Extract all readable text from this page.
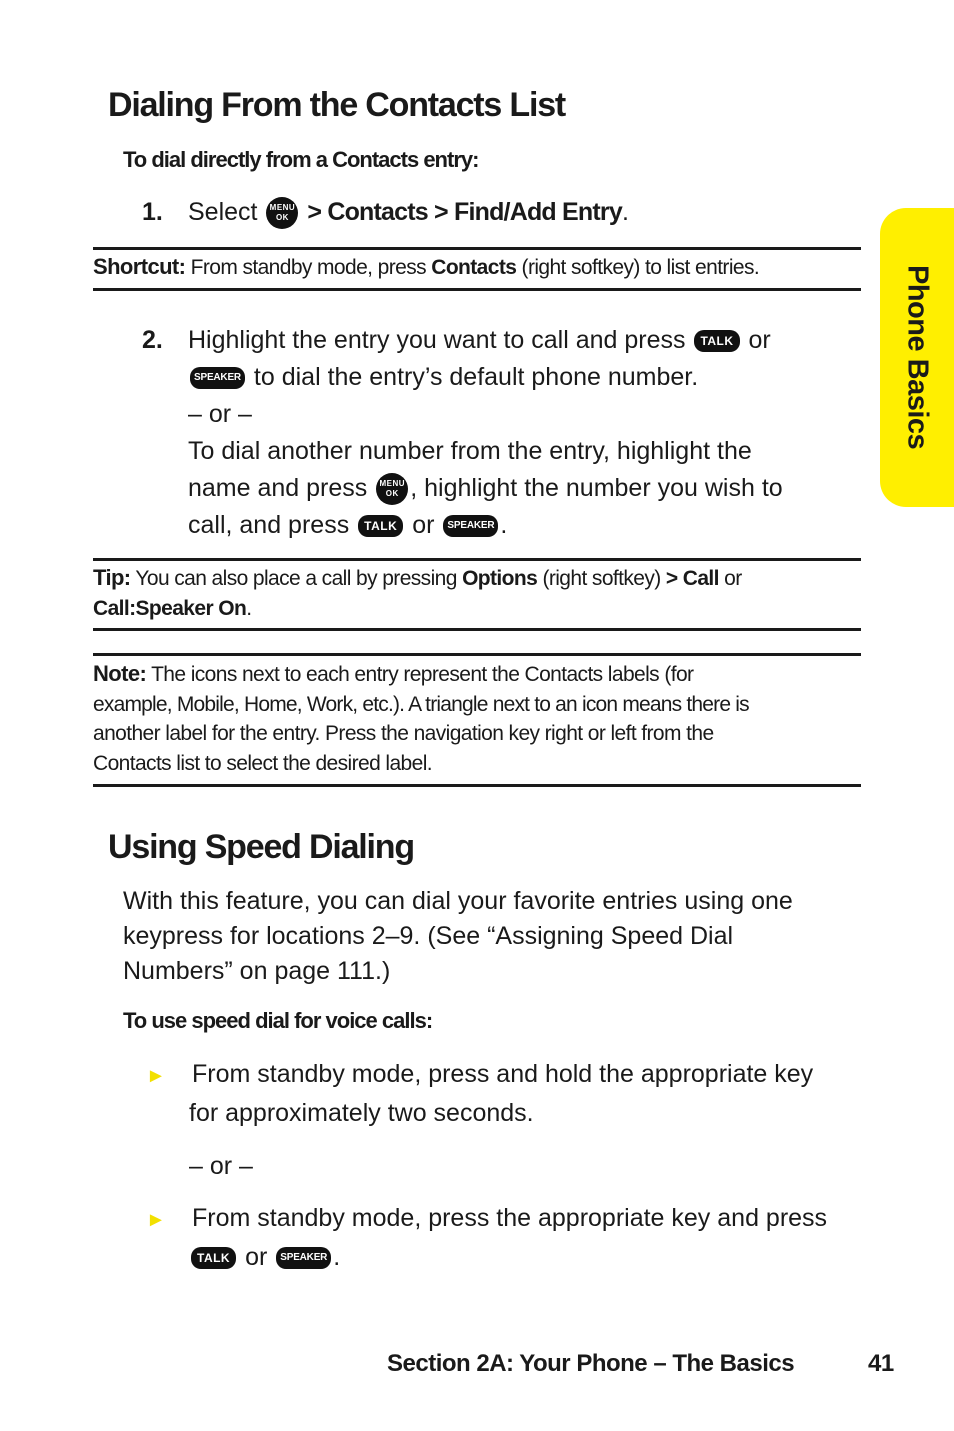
Dialing From the Contacts List
To dial directly from a Contacts entry:
1. Select MENU
OK > Contacts > Find/Add Entry.
Shortcut: From standby mode, press Contacts (right softkey) to list entries.
2. Highlight the entry you want to call and press TALK or
SPEAKER to dial the entry’s default phone number.
– or –
To dial another number from the entry, highlight the
name and press MENU
OK , highlight the number you wish to
call, and press TALK or SPEAKER .
Tip: You can also place a call by pressing Options (right softkey) > Call or
Call:Speaker On.
Note: The icons next to each entry represent the Contacts labels (for
example, Mobile, Home, Work, etc.). A triangle next to an icon means there is
another label for the entry. Press the navigation key right or left from the
Contacts list to select the desired label.
Using Speed Dialing
With this feature, you can dial your favorite entries using one
keypress for locations 2–9. (See “Assigning Speed Dial
Numbers” on page 111.)
To use speed dial for voice calls:
► From standby mode, press and hold the appropriate key
for approximately two seconds.
– or –
► From standby mode, press the appropriate key and press
TALK or SPEAKER .
Phone Basics
Section 2A: Your Phone – The Basics	41
